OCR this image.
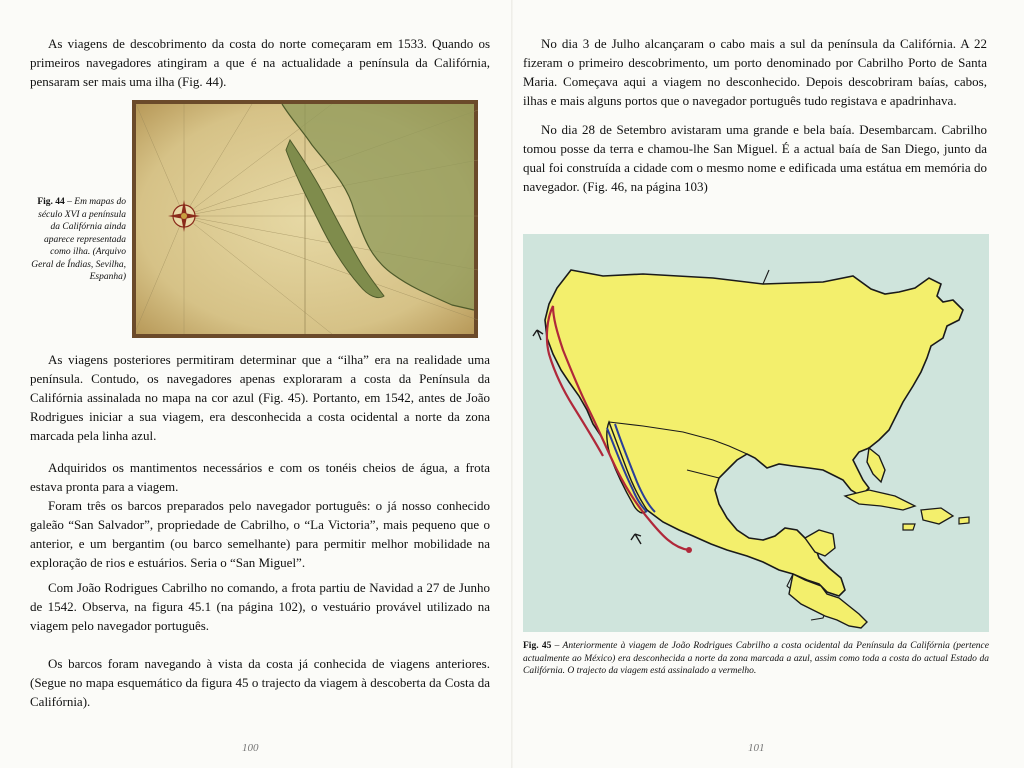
As viagens de descobrimento da costa do norte começaram em 1533. Quando os primeiros navegadores atingiram a que é na actualidade a península da Califórnia, pensaram ser mais uma ilha (Fig. 44).

Fig. 44 – Em mapas do século XVI a península da Califórnia ainda aparece representada como ilha. (Arquivo Geral de Índias, Sevilha, Espanha)

As viagens posteriores permitiram determinar que a “ilha” era na realidade uma península. Contudo, os navegadores apenas exploraram a costa da Península da Califórnia assinalada no mapa na cor azul (Fig. 45). Portanto, em 1542, antes de João Rodrigues iniciar a sua viagem, era desconhecida a costa ocidental a norte da zona marcada pela linha azul.

Adquiridos os mantimentos necessários e com os tonéis cheios de água, a frota estava pronta para a viagem.

Foram três os barcos preparados pelo navegador português: o já nosso conhecido galeão “San Salvador”, propriedade de Cabrilho, o “La Victoria”, mais pequeno que o anterior, e um bergantim (ou barco semelhante) para permitir melhor mobilidade na exploração de rios e estuários. Seria o “San Miguel”.

Com João Rodrigues Cabrilho no comando, a frota partiu de Navidad a 27 de Junho de 1542. Observa, na figura 45.1 (na página 102), o vestuário provável utilizado na viagem pelo navegador português.

Os barcos foram navegando à vista da costa já conhecida de viagens anteriores. (Segue no mapa esquemático da figura 45 o trajecto da viagem à descoberta da Costa da Califórnia).

100

No dia 3 de Julho alcançaram o cabo mais a sul da península da Califórnia. A 22 fizeram o primeiro descobrimento, um porto denominado por Cabrilho Porto de Santa Maria. Começava aqui a viagem no desconhecido. Depois descobriram baías, cabos, ilhas e mais alguns portos que o navegador português tudo registava e apadrinhava.

No dia 28 de Setembro avistaram uma grande e bela baía. Desembarcam. Cabrilho tomou posse da terra e chamou-lhe San Miguel. É a actual baía de San Diego, junto da qual foi construída a cidade com o mesmo nome e edificada uma estátua em memória do navegador. (Fig. 46, na página 103)

Fig. 45 – Anteriormente à viagem de João Rodrigues Cabrilho a costa ocidental da Península da Califórnia (pertence actualmente ao México) era desconhecida a norte da zona marcada a azul, assim como toda a costa do actual Estado da Califórnia. O trajecto da viagem está assinalado a vermelho.

101
